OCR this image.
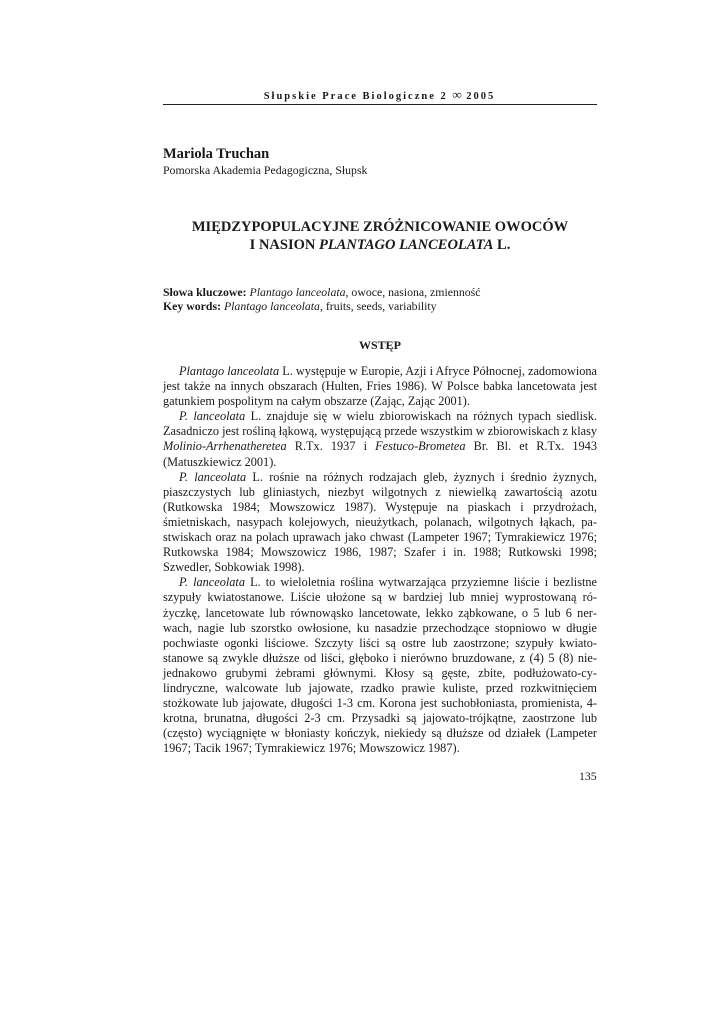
Słupskie Prace Biologiczne 2 ∞ 2005
Mariola Truchan
Pomorska Akademia Pedagogiczna, Słupsk
MIĘDZYPOPULACYJNE ZRÓŻNICOWANIE OWOCÓW
I NASION PLANTAGO LANCEOLATA L.
Słowa kluczowe: Plantago lanceolata, owoce, nasiona, zmienność
Key words: Plantago lanceolata, fruits, seeds, variability
WSTĘP

Plantago lanceolata L. występuje w Europie, Azji i Afryce Północnej, zadomowiona jest także na innych obszarach (Hulten, Fries 1986). W Polsce babka lancetowata jest gatunkiem pospolitym na całym obszarze (Zając, Zając 2001).

P. lanceolata L. znajduje się w wielu zbiorowiskach na różnych typach siedlisk. Zasadniczo jest rośliną łąkową, występującą przede wszystkim w zbiorowiskach z klasy Molinio-Arrhenatheretea R.Tx. 1937 i Festuco-Brometea Br. Bl. et R.Tx. 1943 (Matuszkiewicz 2001).

P. lanceolata L. rośnie na różnych rodzajach gleb, żyznych i średnio żyznych, piaszczystych lub gliniastych, niezbyt wilgotnych z niewielką zawartością azotu (Rutkowska 1984; Mowszowicz 1987). Występuje na piaskach i przydrożach, śmietniskach, nasypach kolejowych, nieużytkach, polanach, wilgotnych łąkach, pastwiskach oraz na polach uprawach jako chwast (Lampeter 1967; Tymrakiewicz 1976; Rutkowska 1984; Mowszowicz 1986, 1987; Szafer i in. 1988; Rutkowski 1998; Szwedler, Sobkowiak 1998).

P. lanceolata L. to wieloletnia roślina wytwarzająca przyziemne liście i bezlistne szypuły kwiatostanowe. Liście ułożone są w bardziej lub mniej wyprostowaną różyczkę, lancetowate lub równowąsko lancetowate, lekko ząbkowane, o 5 lub 6 nerwach, nagie lub szorstko owłosione, ku nasadzie przechodzące stopniowo w długie pochwiaste ogonki liściowe. Szczyty liści są ostre lub zaostrzone; szypuły kwiatostanowe są zwykle dłuższe od liści, głęboko i nierówno bruzdowane, z (4) 5 (8) niejednakowo grubymi żebrami głównymi. Kłosy są gęste, zbite, podłużowato-cylindryczne, walcowate lub jajowate, rzadko prawie kuliste, przed rozkwitnięciem stożkowate lub jajowate, długości 1-3 cm. Korona jest suchobłoniasta, promienista, 4-krotna, brunatna, długości 2-3 cm. Przysadki są jajowato-trójkątne, zaostrzone lub (często) wyciągnięte w błoniasty kończyk, niekiedy są dłuższe od działek (Lampeter 1967; Tacik 1967; Tymrakiewicz 1976; Mowszowicz 1987).

135
